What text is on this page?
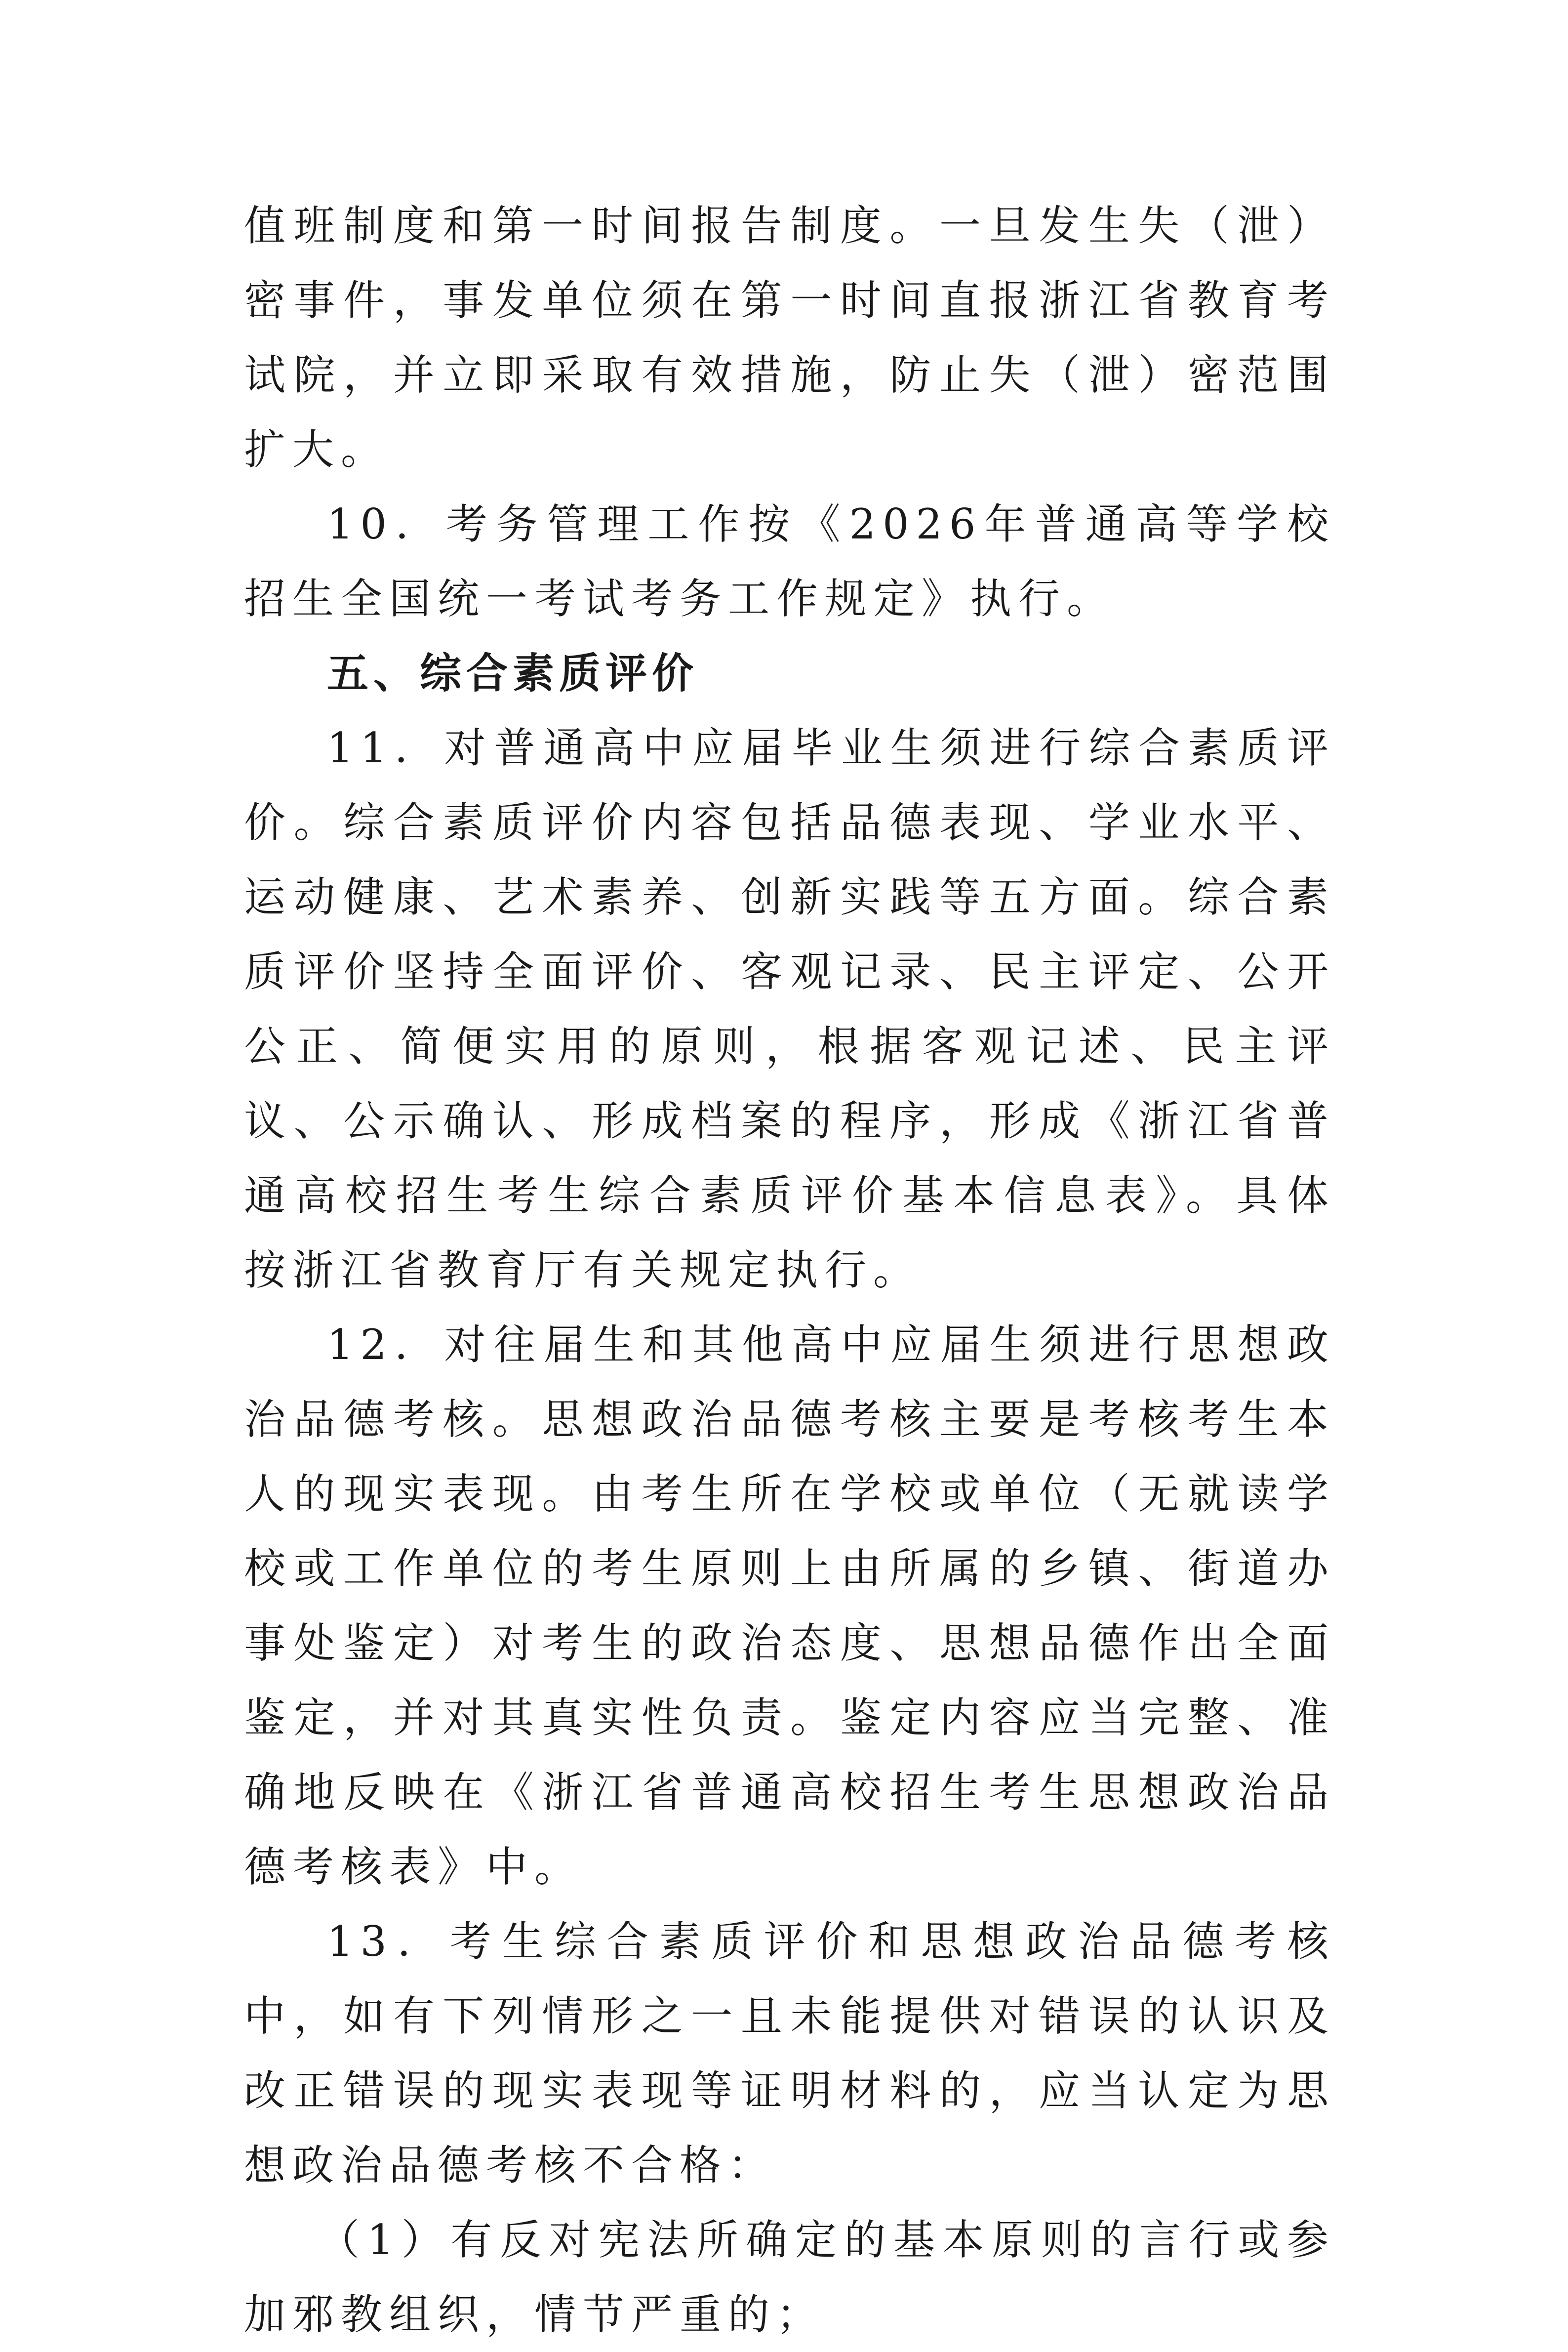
值班制度和第一时间报告制度。一旦发生失（泄）密事件，事发单位须在第一时间直报浙江省教育考试院，并立即采取有效措施，防止失（泄）密范围扩大。

10．考务管理工作按《2026年普通高等学校招生全国统一考试考务工作规定》执行。

五、综合素质评价

11．对普通高中应届毕业生须进行综合素质评价。综合素质评价内容包括品德表现、学业水平、运动健康、艺术素养、创新实践等五方面。综合素质评价坚持全面评价、客观记录、民主评定、公开公正、简便实用的原则，根据客观记述、民主评议、公示确认、形成档案的程序，形成《浙江省普通高校招生考生综合素质评价基本信息表》。具体按浙江省教育厅有关规定执行。

12．对往届生和其他高中应届生须进行思想政治品德考核。思想政治品德考核主要是考核考生本人的现实表现。由考生所在学校或单位（无就读学校或工作单位的考生原则上由所属的乡镇、街道办事处鉴定）对考生的政治态度、思想品德作出全面鉴定，并对其真实性负责。鉴定内容应当完整、准确地反映在《浙江省普通高校招生考生思想政治品德考核表》中。

13．考生综合素质评价和思想政治品德考核中，如有下列情形之一且未能提供对错误的认识及改正错误的现实表现等证明材料的，应当认定为思想政治品德考核不合格：

（1）有反对宪法所确定的基本原则的言行或参加邪教组织，情节严重的；
